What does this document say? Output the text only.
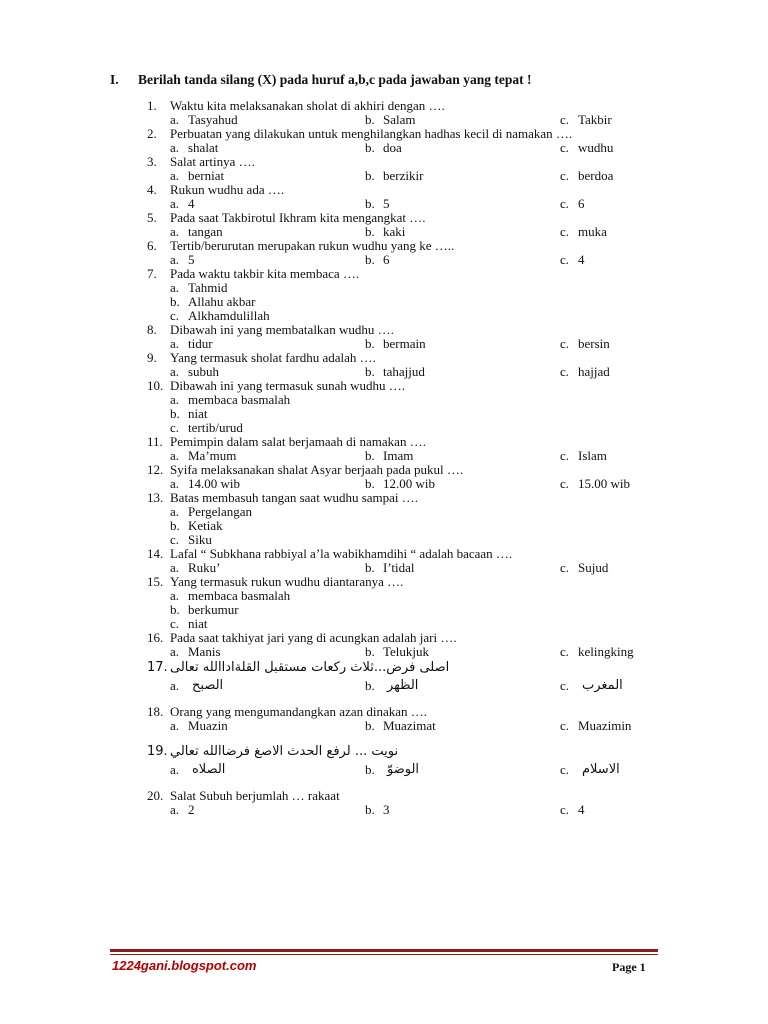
I. Berilah tanda silang (X) pada huruf a,b,c pada jawaban yang tepat !
1.	Waktu kita melaksanakan sholat di akhiri dengan ….
a. Tasyahud	b. Salam	c. Takbir
2.	Perbuatan yang dilakukan untuk menghilangkan hadhas kecil di namakan ….
a. shalat	b. doa	c. wudhu
3.	Salat artinya ….
a. berniat	b. berzikir	c. berdoa
4.	Rukun wudhu ada ….
a. 4	b. 5	c. 6
5.	Pada saat Takbirotul Ikhram kita mengangkat ….
a. tangan	b. kaki	c. muka
6.	Tertib/berurutan merupakan rukun wudhu yang ke …..
a. 5	b. 6	c. 4
7.	Pada waktu takbir kita membaca ….
a. Tahmid
b. Allahu akbar
c. Alkhamdulillah
8.	Dibawah ini yang membatalkan wudhu ….
a. tidur	b. bermain	c. bersin
9.	Yang termasuk sholat fardhu adalah ….
a. subuh	b. tahajjud	c. hajjad
10. Dibawah ini yang termasuk sunah wudhu ….
a. membaca basmalah
b. niat
c. tertib/urud
11. Pemimpin dalam salat berjamaah di namakan ….
a. Ma’mum	b. Imam	c. Islam
12. Syifa melaksanakan shalat Asyar berjaah pada pukul ….
a. 14.00 wib	b. 12.00 wib	c. 15.00 wib
13. Batas membasuh tangan saat wudhu sampai ….
a. Pergelangan
b. Ketiak
c. Siku
14. Lafal “ Subkhana rabbiyal a’la wabikhamdihi “ adalah bacaan ….
a. Ruku’	b. I’tidal	c. Sujud
15. Yang termasuk rukun wudhu diantaranya ….
a. membaca basmalah
b. berkumur
c. niat
16. Pada saat takhiyat jari yang di acungkan adalah jari ….
a. Manis	b. Telukjuk	c. kelingking
17. اصلى فرض...ثلاث ركعات مستقبل القلةاداالله تعالى
a. الصبح	b. الظهر	c. المغرب
18. Orang yang mengumandangkan azan dinakan ….
a. Muazin	b. Muazimat	c. Muazimin
19. نويت ... لرفع الحدث الاصغ فرضاالله تعالي
a. الصلاه	b. الوضوّ	c. الاسلام
20. Salat Subuh berjumlah … rakaat
a. 2	b. 3	c. 4
1224gani.blogspot.com	Page 1
